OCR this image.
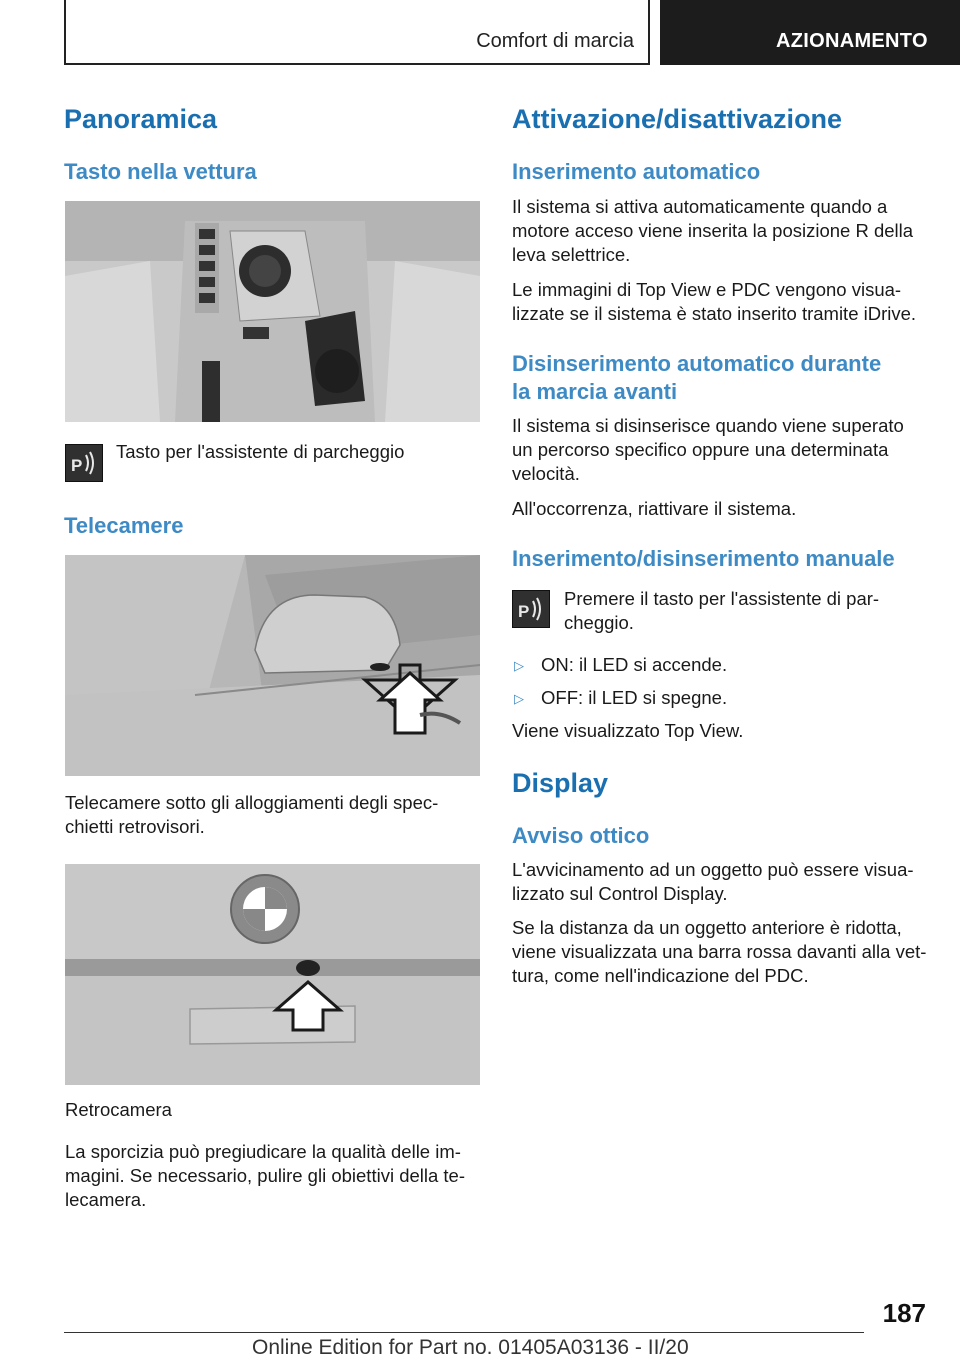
Comfort di marcia	AZIONAMENTO
Panoramica
Tasto nella vettura
P
Tasto per l'assistente di parcheggio
Telecamere
Telecamere sotto gli alloggiamenti degli spec-
chietti retrovisori.
Retrocamera
La sporcizia può pregiudicare la qualità delle im-
magini. Se necessario, pulire gli obiettivi della te-
lecamera.
Attivazione/disattivazione
Inserimento automatico
Il sistema si attiva automaticamente quando a
motore acceso viene inserita la posizione R della
leva selettrice.
Le immagini di Top View e PDC vengono visua-
lizzate se il sistema è stato inserito tramite iDrive.
Disinserimento automatico durante
la marcia avanti
Il sistema si disinserisce quando viene superato
un percorso specifico oppure una determinata
velocità.
All'occorrenza, riattivare il sistema.
Inserimento/disinserimento manuale
P
Premere il tasto per l'assistente di par-
cheggio.
▷ ON: il LED si accende.
▷ OFF: il LED si spegne.
Viene visualizzato Top View.
Display
Avviso ottico
L'avvicinamento ad un oggetto può essere visua-
lizzato sul Control Display.
Se la distanza da un oggetto anteriore è ridotta,
viene visualizzata una barra rossa davanti alla vet-
tura, come nell'indicazione del PDC.
187
Online Edition for Part no. 01405A03136 - II/20
